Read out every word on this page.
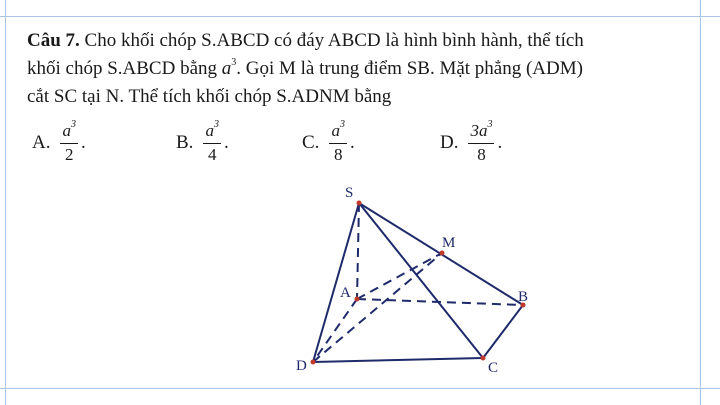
Câu 7. Cho khối chóp S.ABCD có đáy ABCD là hình bình hành, thể tích
khối chóp S.ABCD bằng $a^3$. Gọi M là trung điểm SB. Mặt phẳng (ADM)
cắt SC tại N. Thể tích khối chóp S.ADNM bằng
A. $\frac{a^3}{2}$ .	B. $\frac{a^3}{4}$ .	C. $\frac{a^3}{8}$ .	D. $\frac{3a^3}{8}$ .
S
M
A	B
D	C
